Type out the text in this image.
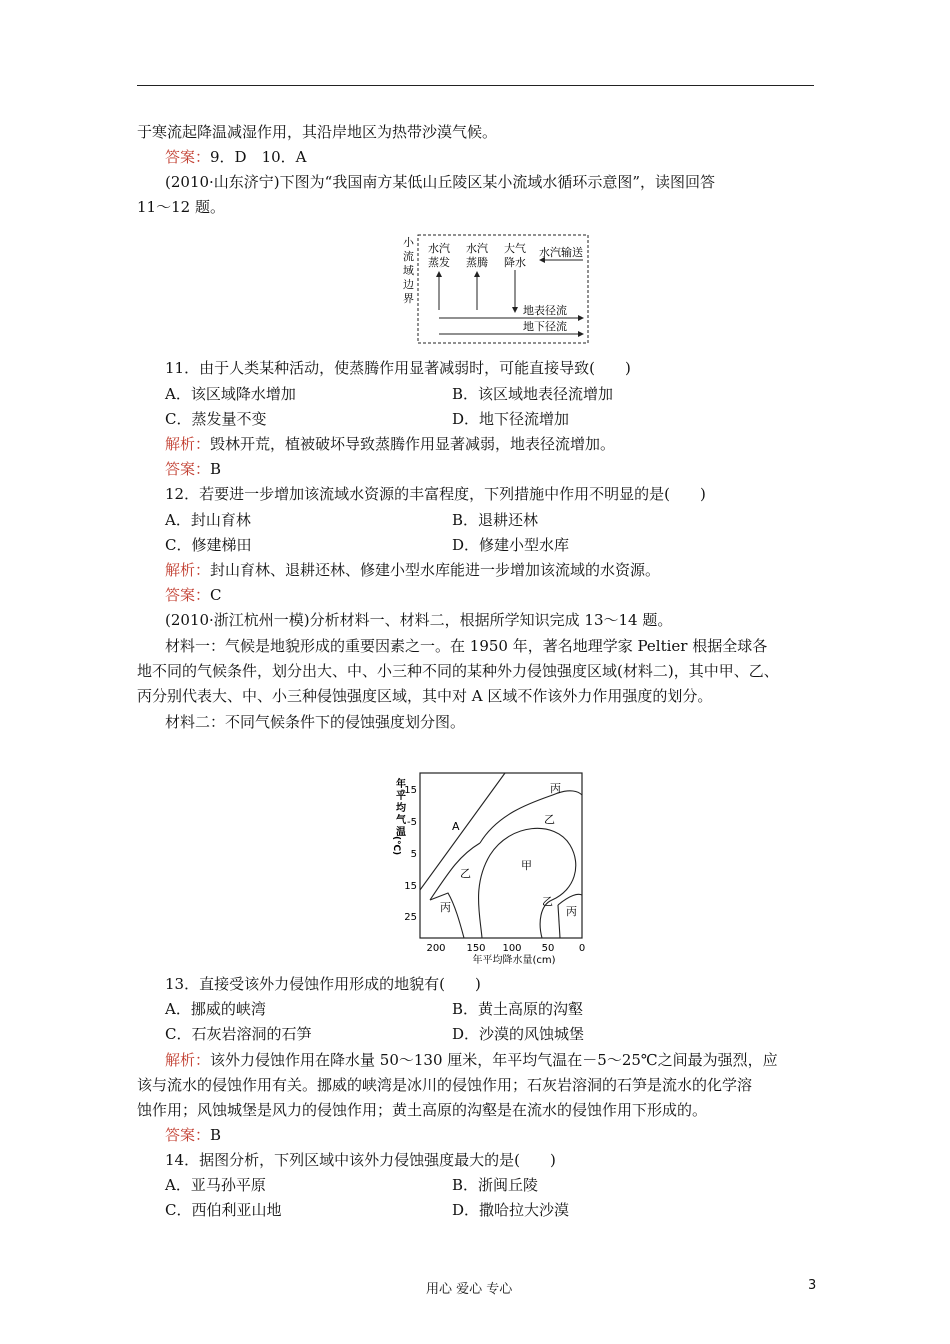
于寒流起降温减湿作用，其沿岸地区为热带沙漠气候。
答案：9．D　10．A
(2010·山东济宁)下图为“我国南方某低山丘陵区某小流域水循环示意图”，读图回答
11～12 题。
小
流
域
边
界
水汽
蒸发
水汽
蒸腾
大气
降水
水汽输送
地表径流
地下径流
11．由于人类某种活动，使蒸腾作用显著减弱时，可能直接导致(　　)
A．该区域降水增加	B．该区域地表径流增加
C．蒸发量不变	D．地下径流增加
解析：毁林开荒，植被破坏导致蒸腾作用显著减弱，地表径流增加。
答案：B
12．若要进一步增加该流域水资源的丰富程度，下列措施中作用不明显的是(　　)
A．封山育林	B．退耕还林
C．修建梯田	D．修建小型水库
解析：封山育林、退耕还林、修建小型水库能进一步增加该流域的水资源。
答案：C
(2010·浙江杭州一模)分析材料一、材料二，根据所学知识完成 13～14 题。
材料一：气候是地貌形成的重要因素之一。在 1950 年，著名地理学家 Peltier 根据全球各
地不同的气候条件，划分出大、中、小三种不同的某种外力侵蚀强度区域(材料二)，其中甲、乙、
丙分别代表大、中、小三种侵蚀强度区域，其中对 A 区域不作该外力作用强度的划分。
材料二：不同气候条件下的侵蚀强度划分图。
年
平
均
气
温
(℃)
-15
-5
5
15
25
200 150 100 50 0
年平均降水量(cm)
A
丙
乙
甲
乙
丙	乙
丙
13．直接受该外力侵蚀作用形成的地貌有(　　)
A．挪威的峡湾	B．黄土高原的沟壑
C．石灰岩溶洞的石笋	D．沙漠的风蚀城堡
解析：该外力侵蚀作用在降水量 50～130 厘米，年平均气温在－5～25℃之间最为强烈，应
该与流水的侵蚀作用有关。挪威的峡湾是冰川的侵蚀作用；石灰岩溶洞的石笋是流水的化学溶
蚀作用；风蚀城堡是风力的侵蚀作用；黄土高原的沟壑是在流水的侵蚀作用下形成的。
答案：B
14．据图分析，下列区域中该外力侵蚀强度最大的是(　　)
A．亚马孙平原	B．浙闽丘陵
C．西伯利亚山地	D．撒哈拉大沙漠
用心 爱心 专心	3
